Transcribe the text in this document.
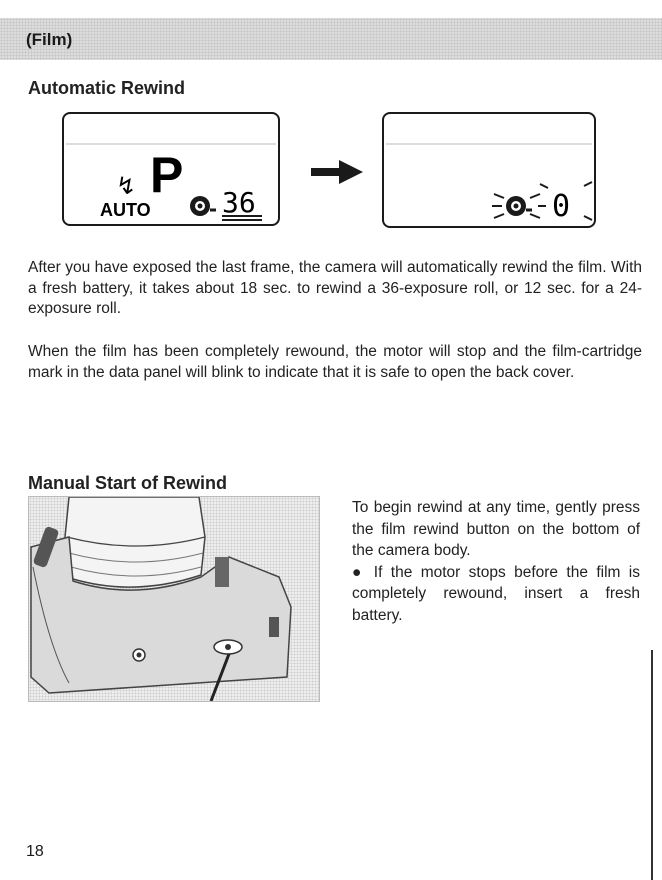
(Film)
Automatic Rewind
↯ P
AUTO	36	0
After you have exposed the last frame, the camera will automatically rewind the film. With a fresh battery, it takes about 18 sec. to rewind a 36-exposure roll, or 12 sec. for a 24-exposure roll.
When the film has been completely rewound, the motor will stop and the film-cartridge mark in the data panel will blink to indicate that it is safe to open the back cover.
Manual Start of Rewind

To begin rewind at any time, gently press the film rewind button on the bottom of the camera body.

● If the motor stops before the film is completely rewound, insert a fresh battery.

18
